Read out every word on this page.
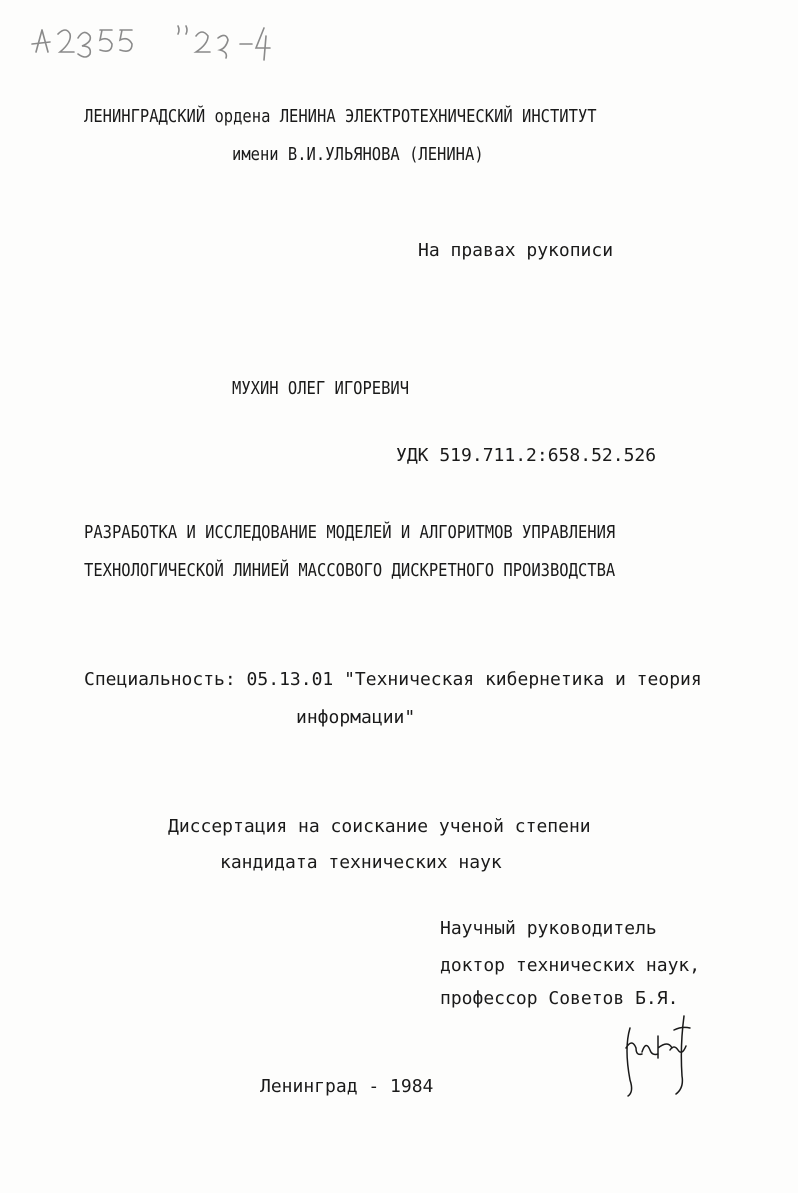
ЛЕНИНГРАДСКИЙ ордена ЛЕНИНА ЭЛЕКТРОТЕХНИЧЕСКИЙ ИНСТИТУТ
имени В.И.УЛЬЯНОВА (ЛЕНИНА)
На правах рукописи
МУХИН ОЛЕГ ИГОРЕВИЧ
УДК 519.711.2:658.52.526
РАЗРАБОТКА И ИССЛЕДОВАНИЕ МОДЕЛЕЙ И АЛГОРИТМОВ УПРАВЛЕНИЯ
ТЕХНОЛОГИЧЕСКОЙ ЛИНИЕЙ МАССОВОГО ДИСКРЕТНОГО ПРОИЗВОДСТВА
Специальность: 05.13.01 "Техническая кибернетика и теория
информации"
Диссертация на соискание ученой степени
кандидата технических наук
Научный руководитель
доктор технических наук,
профессор Советов Б.Я.
Ленинград - 1984
